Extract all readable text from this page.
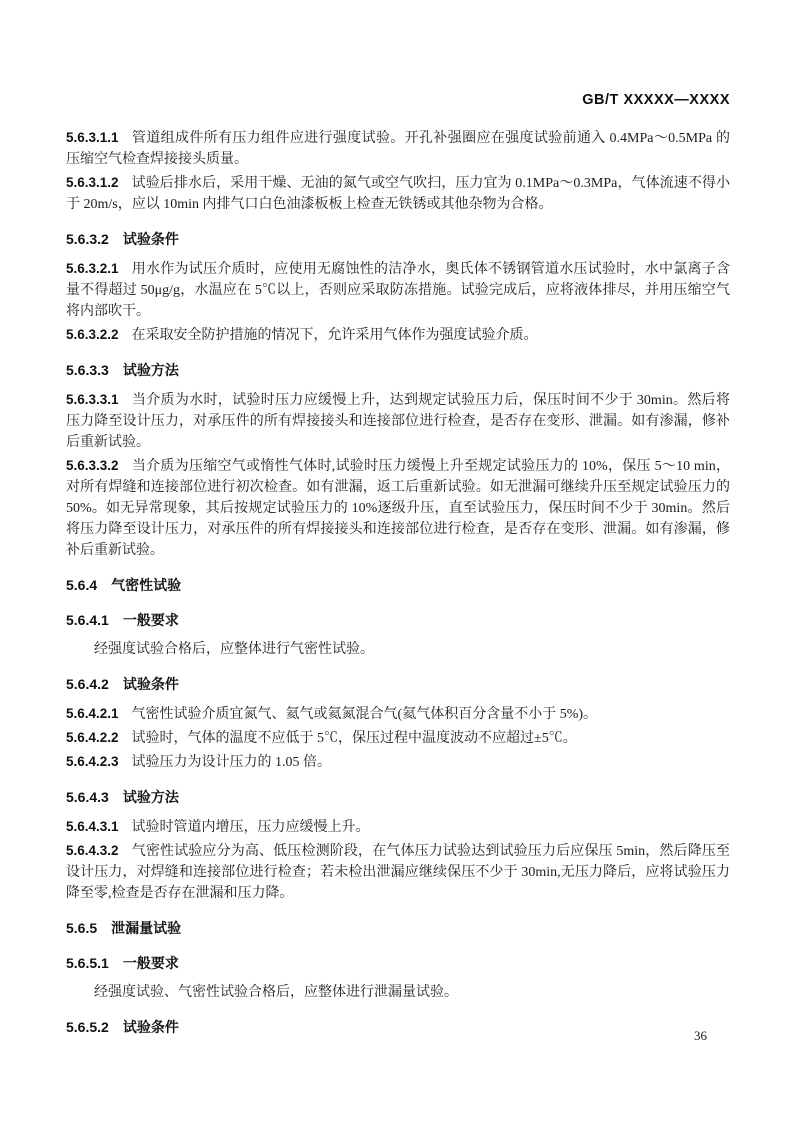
GB/T XXXXX—XXXX
5.6.3.1.1 管道组成件所有压力组件应进行强度试验。开孔补强圈应在强度试验前通入 0.4MPa～0.5MPa 的压缩空气检查焊接接头质量。
5.6.3.1.2 试验后排水后，采用干燥、无油的氮气或空气吹扫，压力宜为 0.1MPa～0.3MPa，气体流速不得小于 20m/s，应以 10min 内排气口白色油漆板板上检查无铁锈或其他杂物为合格。
5.6.3.2 试验条件
5.6.3.2.1 用水作为试压介质时，应使用无腐蚀性的洁净水，奥氏体不锈钢管道水压试验时，水中氯离子含量不得超过 50μg/g，水温应在 5℃以上，否则应采取防冻措施。试验完成后，应将液体排尽，并用压缩空气将内部吹干。
5.6.3.2.2 在采取安全防护措施的情况下，允许采用气体作为强度试验介质。
5.6.3.3 试验方法
5.6.3.3.1 当介质为水时，试验时压力应缓慢上升，达到规定试验压力后，保压时间不少于 30min。然后将压力降至设计压力，对承压件的所有焊接接头和连接部位进行检查，是否存在变形、泄漏。如有渗漏，修补后重新试验。
5.6.3.3.2 当介质为压缩空气或惰性气体时,试验时压力缓慢上升至规定试验压力的 10%，保压 5～10 min，对所有焊缝和连接部位进行初次检查。如有泄漏，返工后重新试验。如无泄漏可继续升压至规定试验压力的 50%。如无异常现象，其后按规定试验压力的 10%逐级升压，直至试验压力，保压时间不少于 30min。然后将压力降至设计压力，对承压件的所有焊接接头和连接部位进行检查，是否存在变形、泄漏。如有渗漏，修补后重新试验。
5.6.4 气密性试验
5.6.4.1 一般要求
经强度试验合格后，应整体进行气密性试验。
5.6.4.2 试验条件
5.6.4.2.1 气密性试验介质宜氮气、氦气或氦氮混合气(氦气体积百分含量不小于 5%)。
5.6.4.2.2 试验时，气体的温度不应低于 5℃，保压过程中温度波动不应超过±5℃。
5.6.4.2.3 试验压力为设计压力的 1.05 倍。
5.6.4.3 试验方法
5.6.4.3.1 试验时管道内增压，压力应缓慢上升。
5.6.4.3.2 气密性试验应分为高、低压检测阶段，在气体压力试验达到试验压力后应保压 5min，然后降压至设计压力，对焊缝和连接部位进行检查；若未检出泄漏应继续保压不少于 30min,无压力降后，应将试验压力降至零,检查是否存在泄漏和压力降。
5.6.5 泄漏量试验
5.6.5.1 一般要求
经强度试验、气密性试验合格后，应整体进行泄漏量试验。
5.6.5.2 试验条件
36
